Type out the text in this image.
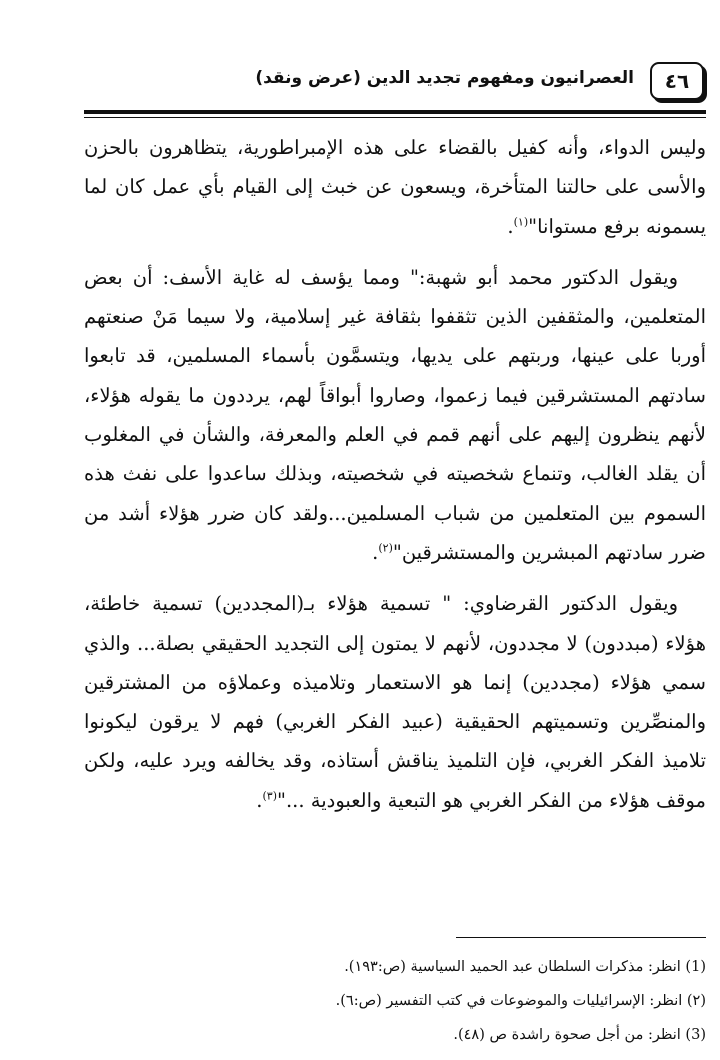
٤٦
العصرانيون ومفهوم تجديد الدين (عرض ونقد)

وليس الدواء، وأنه كفيل بالقضاء على هذه الإمبراطورية، يتظاهرون بالحزن والأسى على حالتنا المتأخرة، ويسعون عن خبث إلى القيام بأي عمل كان لما يسمونه برفع مستوانا"$^{(١)}$.

ويقول الدكتور محمد أبو شهبة:" ومما يؤسف له غاية الأسف: أن بعض المتعلمين، والمثقفين الذين تثقفوا بثقافة غير إسلامية، ولا سيما مَنْ صنعتهم أوربا على عينها، وربتهم على يديها، ويتسمَّون بأسماء المسلمين، قد تابعوا سادتهم المستشرقين فيما زعموا، وصاروا أبواقاً لهم، يرددون ما يقوله هؤلاء، لأنهم ينظرون إليهم على أنهم قمم في العلم والمعرفة، والشأن في المغلوب أن يقلد الغالب، وتنماع شخصيته في شخصيته، وبذلك ساعدوا على نفث هذه السموم بين المتعلمين من شباب المسلمين...ولقد كان ضرر هؤلاء أشد من ضرر سادتهم المبشرين والمستشرقين"$^{(٢)}$.

ويقول الدكتور القرضاوي: " تسمية هؤلاء بـ(المجددين) تسمية خاطئة، هؤلاء (مبددون) لا مجددون، لأنهم لا يمتون إلى التجديد الحقيقي بصلة... والذي سمي هؤلاء (مجددين) إنما هو الاستعمار وتلاميذه وعملاؤه من المشترقين والمنصِّرين وتسميتهم الحقيقية (عبيد الفكر الغربي) فهم لا يرقون ليكونوا تلاميذ الفكر الغربي، فإن التلميذ يناقش أستاذه، وقد يخالفه ويرد عليه، ولكن موقف هؤلاء من الفكر الغربي هو التبعية والعبودية ..."$^{(٣)}$.

(1) انظر: مذكرات السلطان عبد الحميد السياسية (ص:١٩٣).
(٢) انظر: الإسرائيليات والموضوعات في كتب التفسير (ص:٦).
(3) انظر: من أجل صحوة راشدة ص (٤٨).
